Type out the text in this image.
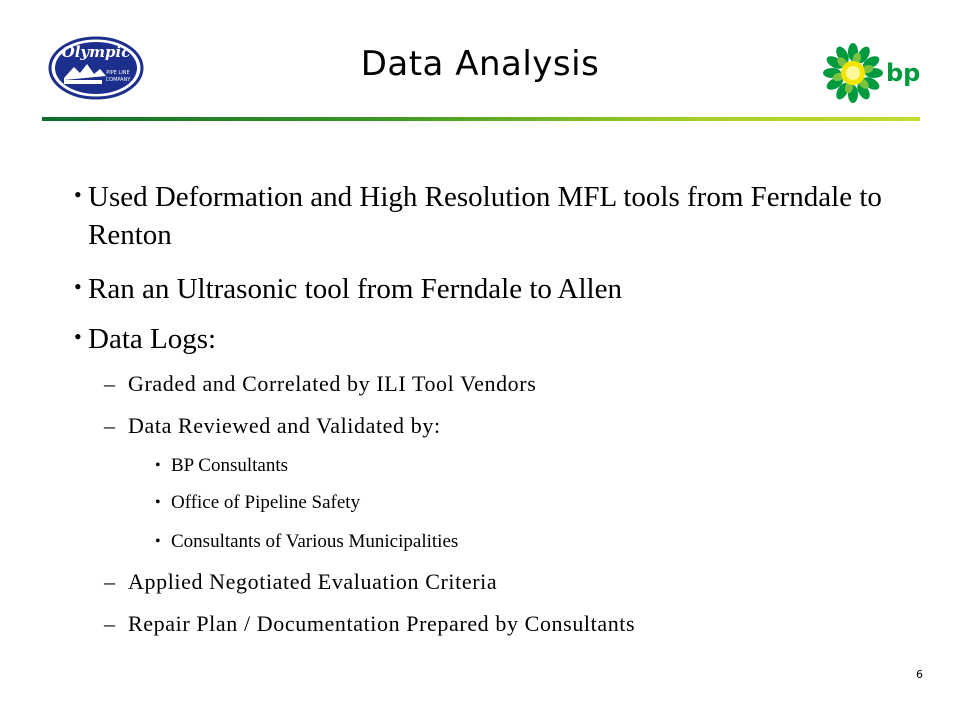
Olympic
PIPE LINE
COMPANY	Data Analysis	bp
• Used Deformation and High Resolution MFL tools from Ferndale to Renton
• Ran an Ultrasonic tool from Ferndale to Allen
• Data Logs:
– Graded and Correlated by ILI Tool Vendors
– Data Reviewed and Validated by:
• BP Consultants
• Office of Pipeline Safety
• Consultants of Various Municipalities
– Applied Negotiated Evaluation Criteria
– Repair Plan / Documentation Prepared by Consultants
6
